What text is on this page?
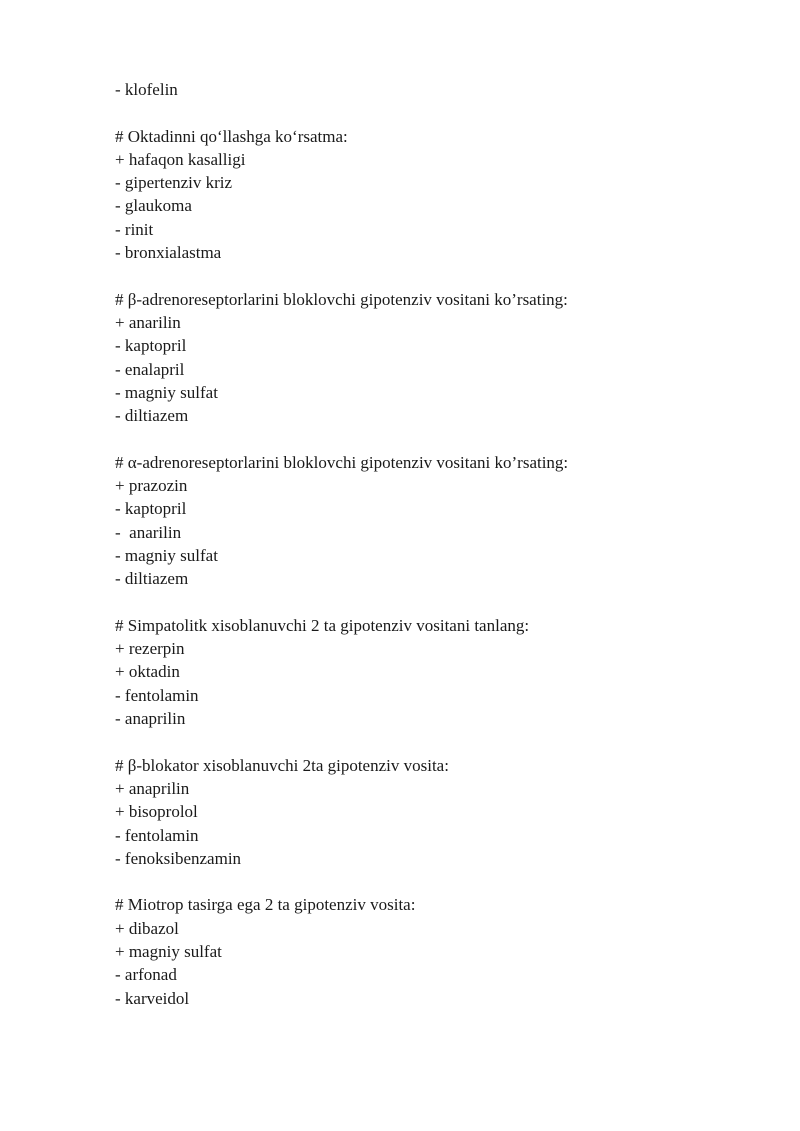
- klofelin
# Oktadinni qo‘llashga ko‘rsatma:
+ hafaqon kasalligi
- gipertenziv kriz
- glaukoma
- rinit
- bronxialastma
# β-adrenoreseptorlarini bloklovchi gipotenziv vositani ko’rsating:
+ anarilin
- kaptopril
- enalapril
- magniy sulfat
- diltiazem
# α-adrenoreseptorlarini bloklovchi gipotenziv vositani ko’rsating:
+ prazozin
- kaptopril
-  anarilin
- magniy sulfat
- diltiazem
# Simpatolitk xisoblanuvchi 2 ta gipotenziv vositani tanlang:
+ rezerpin
+ oktadin
- fentolamin
- anaprilin
# β-blokator xisoblanuvchi 2ta gipotenziv vosita:
+ anaprilin
+ bisoprolol
- fentolamin
- fenoksibenzamin
# Miotrop tasirga ega 2 ta gipotenziv vosita:
+ dibazol
+ magniy sulfat
- arfonad
- karveidol
